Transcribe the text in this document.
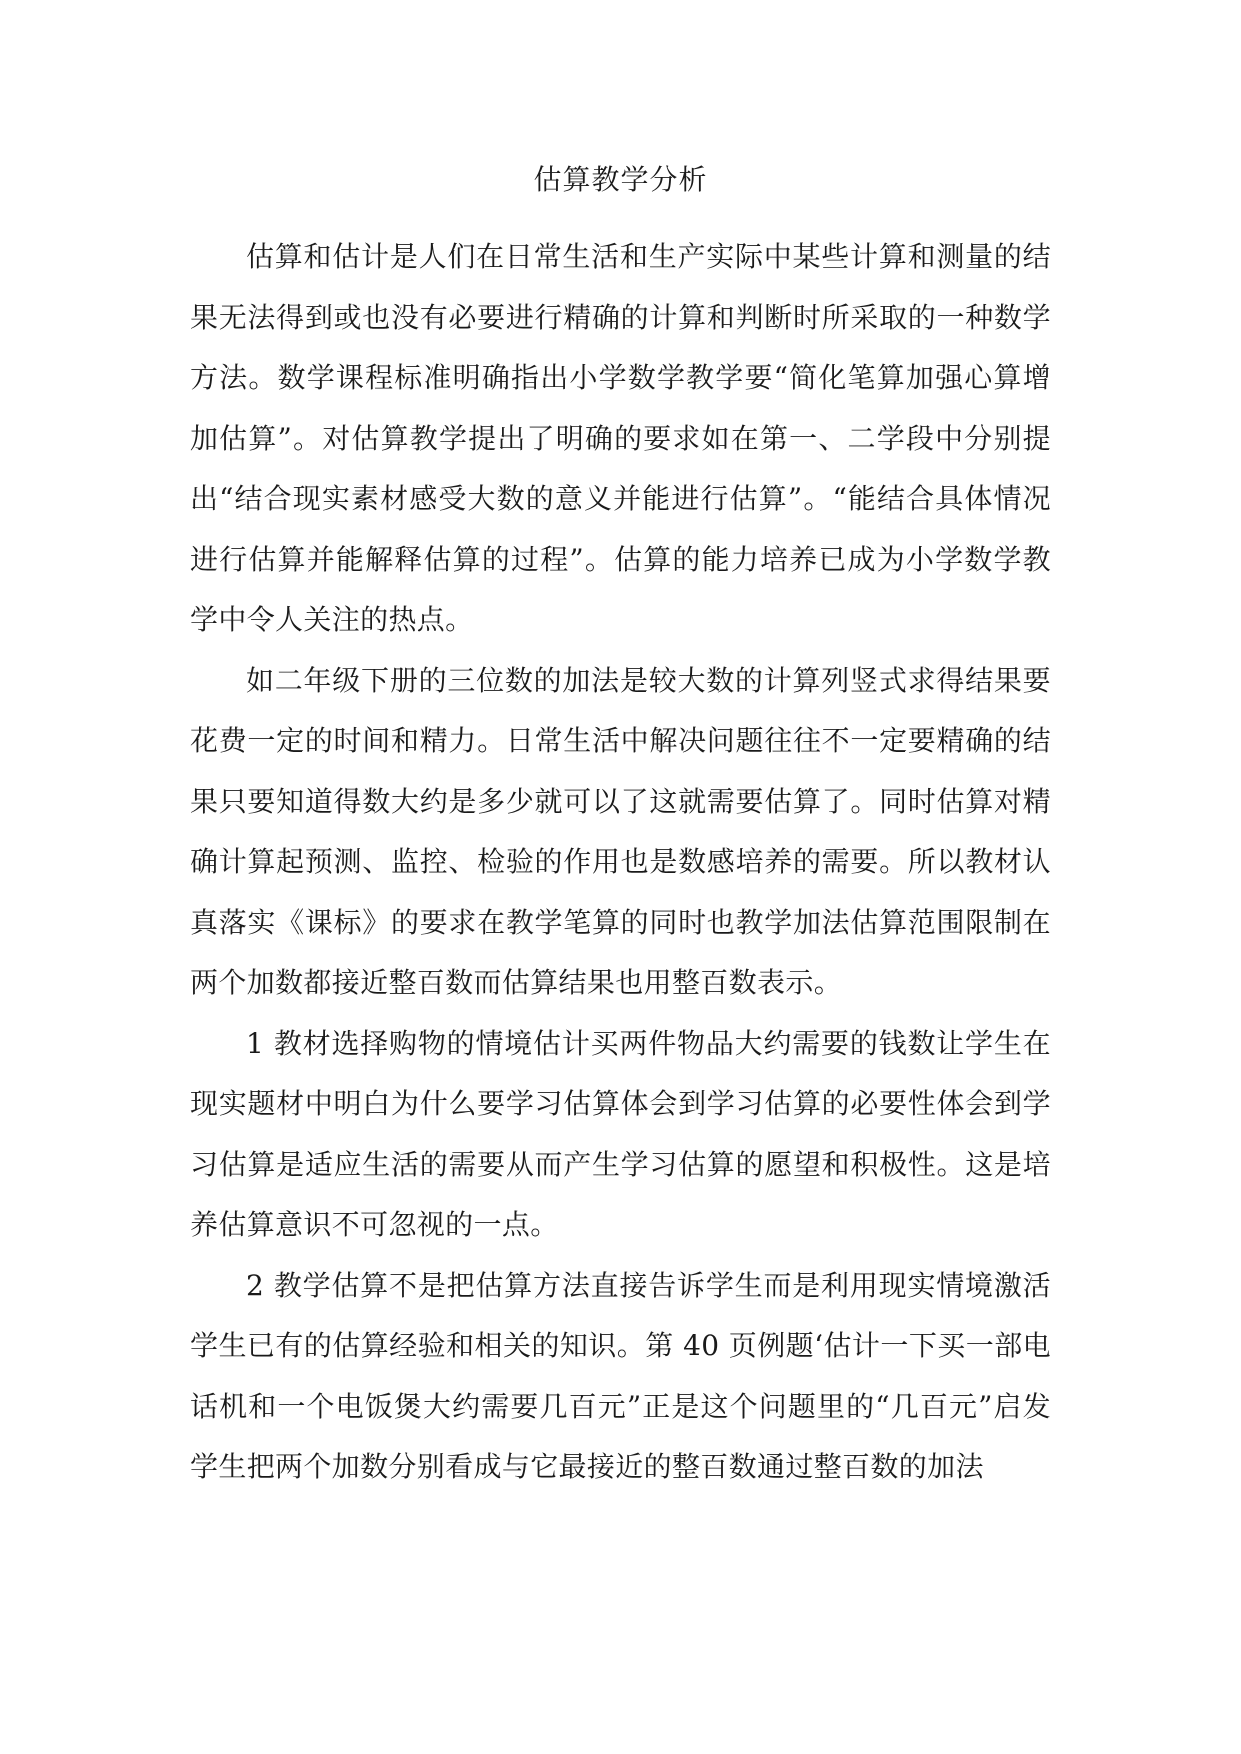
估算教学分析

估算和估计是人们在日常生活和生产实际中某些计算和测量的结果无法得到或也没有必要进行精确的计算和判断时所采取的一种数学方法。数学课程标准明确指出小学数学教学要“简化笔算加强心算增加估算”。对估算教学提出了明确的要求如在第一、二学段中分别提出“结合现实素材感受大数的意义并能进行估算”。“能结合具体情况进行估算并能解释估算的过程”。估算的能力培养已成为小学数学教学中令人关注的热点。

如二年级下册的三位数的加法是较大数的计算列竖式求得结果要花费一定的时间和精力。日常生活中解决问题往往不一定要精确的结果只要知道得数大约是多少就可以了这就需要估算了。同时估算对精确计算起预测、监控、检验的作用也是数感培养的需要。所以教材认真落实《课标》的要求在教学笔算的同时也教学加法估算范围限制在两个加数都接近整百数而估算结果也用整百数表示。

1 教材选择购物的情境估计买两件物品大约需要的钱数让学生在现实题材中明白为什么要学习估算体会到学习估算的必要性体会到学习估算是适应生活的需要从而产生学习估算的愿望和积极性。这是培养估算意识不可忽视的一点。

2 教学估算不是把估算方法直接告诉学生而是利用现实情境激活学生已有的估算经验和相关的知识。第 40 页例题‘估计一下买一部电话机和一个电饭煲大约需要几百元”正是这个问题里的“几百元”启发学生把两个加数分别看成与它最接近的整百数通过整百数的加法
